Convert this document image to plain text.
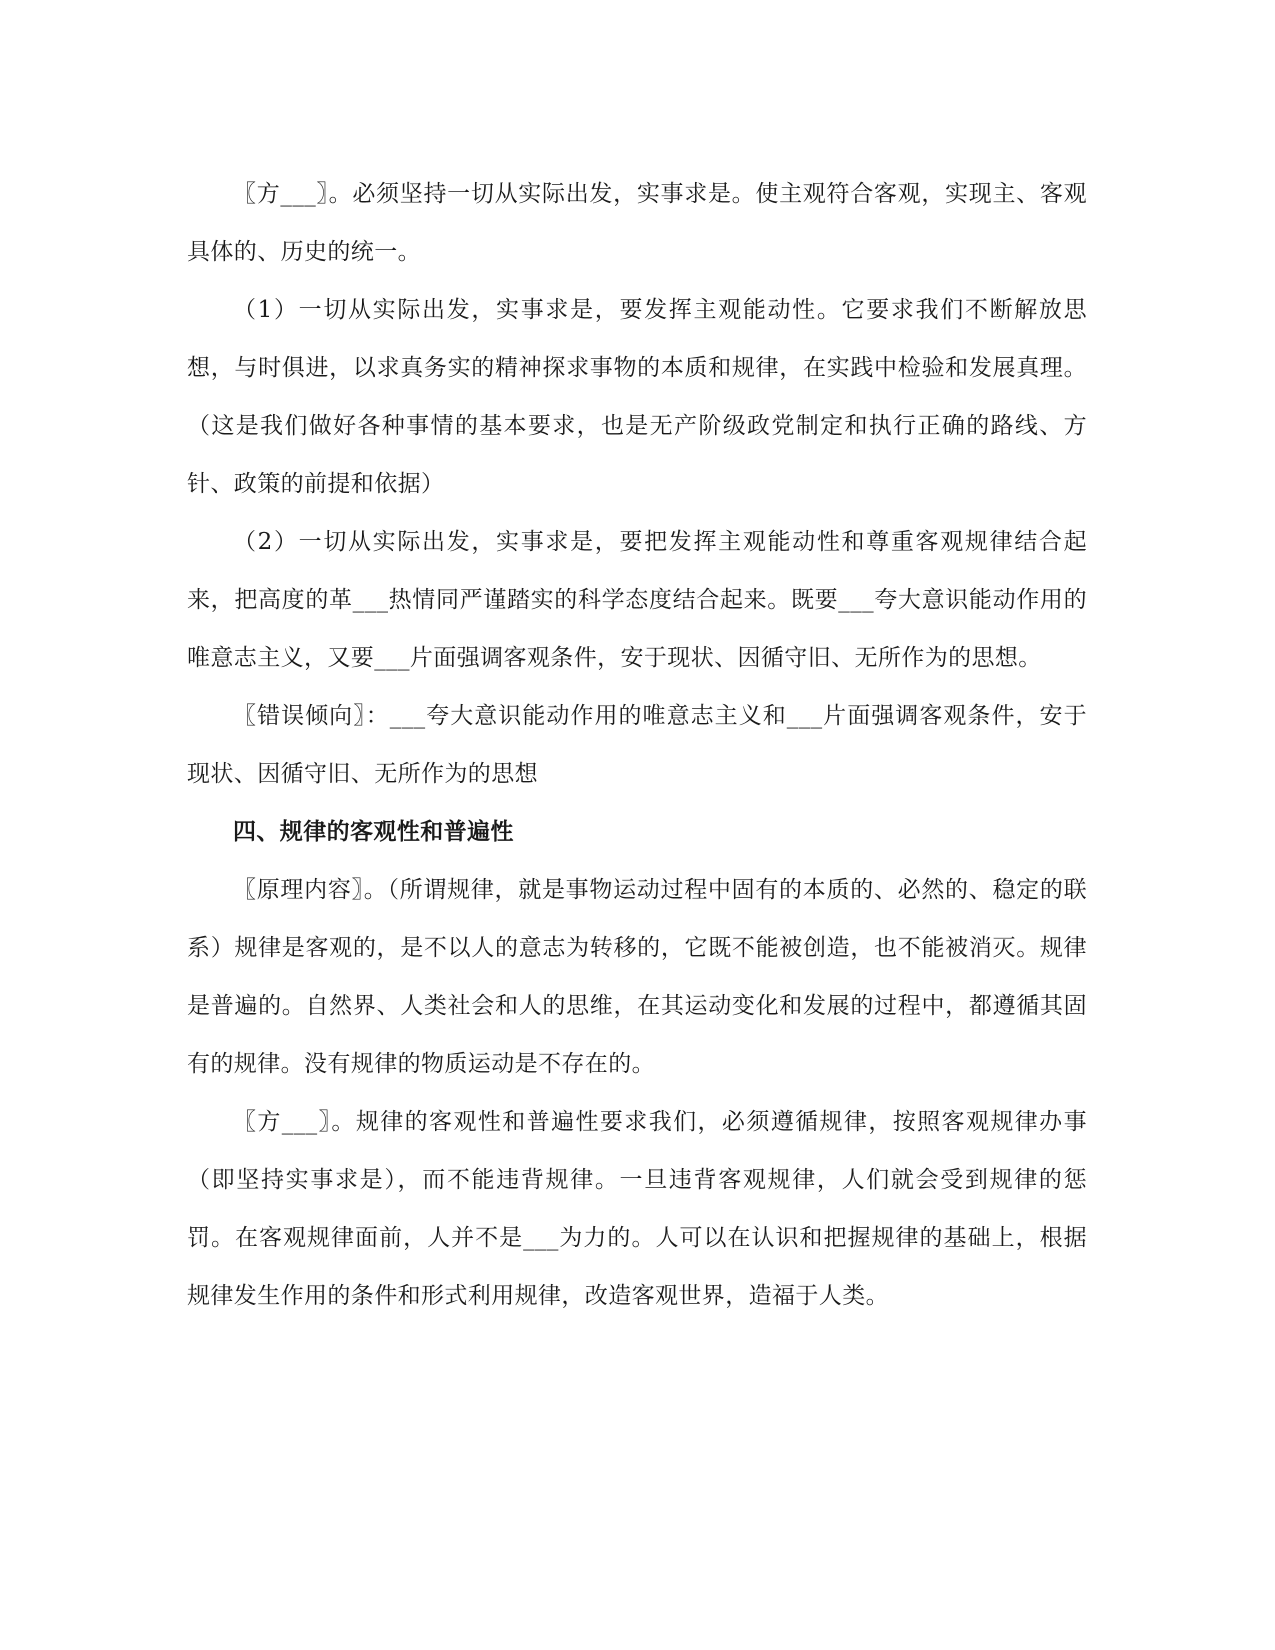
〖方___〗。必须坚持一切从实际出发，实事求是。使主观符合客观，实现主、客观具体的、历史的统一。

（1）一切从实际出发，实事求是，要发挥主观能动性。它要求我们不断解放思想，与时俱进，以求真务实的精神探求事物的本质和规律，在实践中检验和发展真理。（这是我们做好各种事情的基本要求，也是无产阶级政党制定和执行正确的路线、方针、政策的前提和依据）

（2）一切从实际出发，实事求是，要把发挥主观能动性和尊重客观规律结合起来，把高度的革___热情同严谨踏实的科学态度结合起来。既要___夸大意识能动作用的唯意志主义，又要___片面强调客观条件，安于现状、因循守旧、无所作为的思想。

〖错误倾向〗：___夸大意识能动作用的唯意志主义和___片面强调客观条件，安于现状、因循守旧、无所作为的思想

四、规律的客观性和普遍性

〖原理内容〗。（所谓规律，就是事物运动过程中固有的本质的、必然的、稳定的联系）规律是客观的，是不以人的意志为转移的，它既不能被创造，也不能被消灭。规律是普遍的。自然界、人类社会和人的思维，在其运动变化和发展的过程中，都遵循其固有的规律。没有规律的物质运动是不存在的。

〖方___〗。规律的客观性和普遍性要求我们，必须遵循规律，按照客观规律办事（即坚持实事求是），而不能违背规律。一旦违背客观规律，人们就会受到规律的惩罚。在客观规律面前，人并不是___为力的。人可以在认识和把握规律的基础上，根据规律发生作用的条件和形式利用规律，改造客观世界，造福于人类。
